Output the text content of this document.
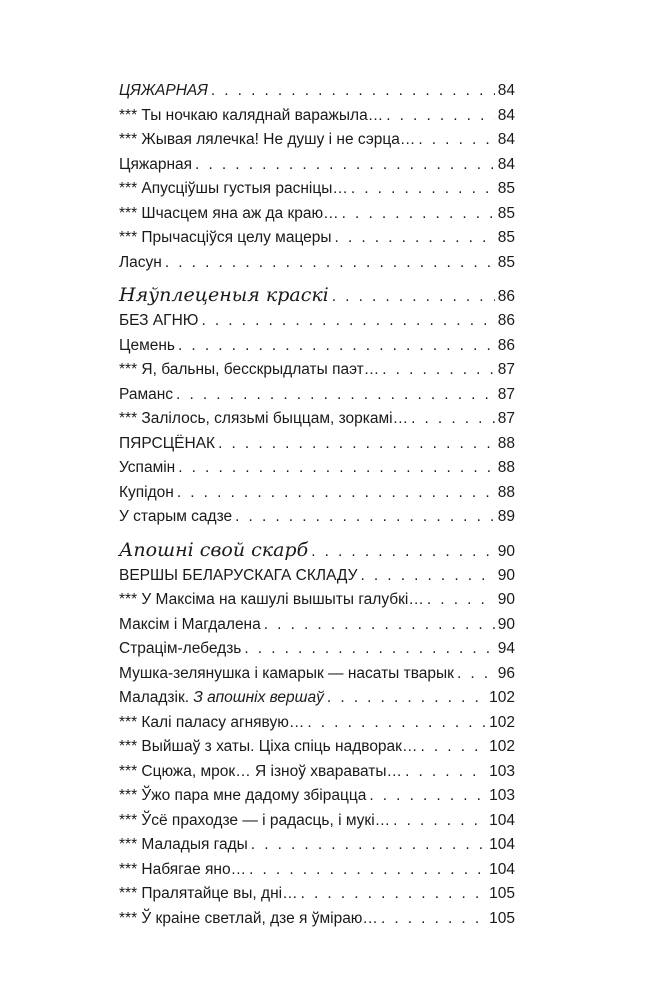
ЦЯЖАРНАЯ . . .	84
*** Ты ночкаю каляднай варажыла… . . .	84
*** Жывая лялечка! Не душу і не сэрца… . . .	84
Цяжарная . . .	84
*** Апусціўшы густыя расніцы… . . .	85
*** Шчасцем яна аж да краю… . . .	85
*** Прычасціўся целу мацеры . . .	85
Ласун . . .	85
Няўплеценыя краскі . . .	86
БЕЗ АГНЮ . . .	86
Цемень . . .	86
*** Я, бальны, бесскрыдлаты паэт… . . .	87
Раманс . . .	87
*** Залілось, слязьмі быццам, зоркамі… . . .	87
ПЯРСЦЁНАК . . .	88
Успамін . . .	88
Купідон . . .	88
У старым садзе . . .	89
Апошні свой скарб . . .	90
ВЕРШЫ БЕЛАРУСКАГА СКЛАДУ . . .	90
*** У Максіма на кашулі вышыты галубкі… . . .	90
Максім і Магдалена . . .	90
Страцім-лебедзь . . .	94
Мушка-зелянушка і камарык — насаты тварык . . .	96
Маладзік. З апошніх вершаў . . .	102
*** Калі паласу агнявую… . . .	102
*** Выйшаў з хаты. Ціха спіць надворак… . . .	102
*** Сцюжа, мрок… Я ізноў хвараваты… . . .	103
*** Ўжо пара мне дадому збірацца . . .	103
*** Ўсё праходзе — і радасць, і мукі… . . .	104
*** Маладыя гады . . .	104
*** Набягае яно… . . .	104
*** Пралятайце вы, дні… . . .	105
*** Ў краіне светлай, дзе я ўміраю… . . .	105
